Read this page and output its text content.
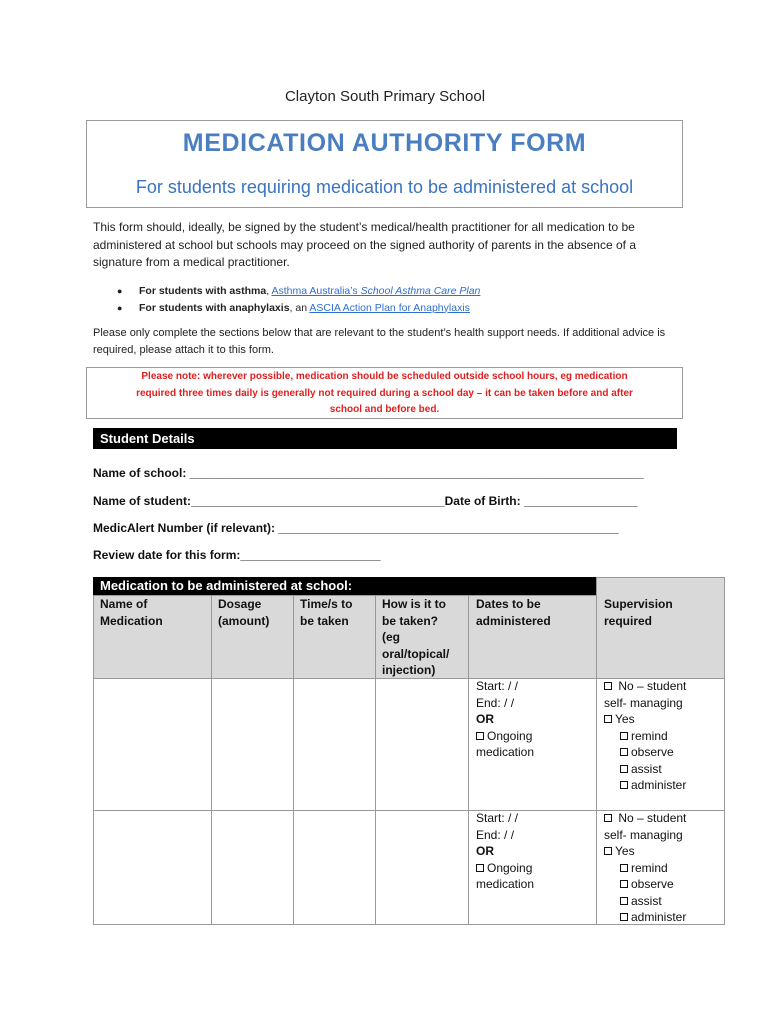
Clayton South Primary School
MEDICATION AUTHORITY FORM
For students requiring medication to be administered at school
This form should, ideally, be signed by the student’s medical/health practitioner for all medication to be administered at school but schools may proceed on the signed authority of parents in the absence of a signature from a medical practitioner.
● For students with asthma, Asthma Australia’s School Asthma Care Plan
● For students with anaphylaxis, an ASCIA Action Plan for Anaphylaxis
Please only complete the sections below that are relevant to the student’s health support needs. If additional advice is required, please attach it to this form.
Please note: wherever possible, medication should be scheduled outside school hours, eg medication
required three times daily is generally not required during a school day – it can be taken before and after
school and before bed.
Student Details
Name of school: ____________________________________________________________________
Name of student:______________________________________Date of Birth: _________________
MedicAlert Number (if relevant): ___________________________________________________
Review date for this form:_____________________
Medication to be administered at school:
Name of
Medication
Dosage
(amount)
Time/s to
be taken
How is it to
be taken?
(eg
oral/topical/
injection)
Dates to be
administered
Supervision
required
Start: / /
End: / /
OR
Ongoing
medication
No – student
self- managing
Yes
remind
observe
assist
administer
Start: / /
End: / /
OR
Ongoing
medication
No – student
self- managing
Yes
remind
observe
assist
administer
